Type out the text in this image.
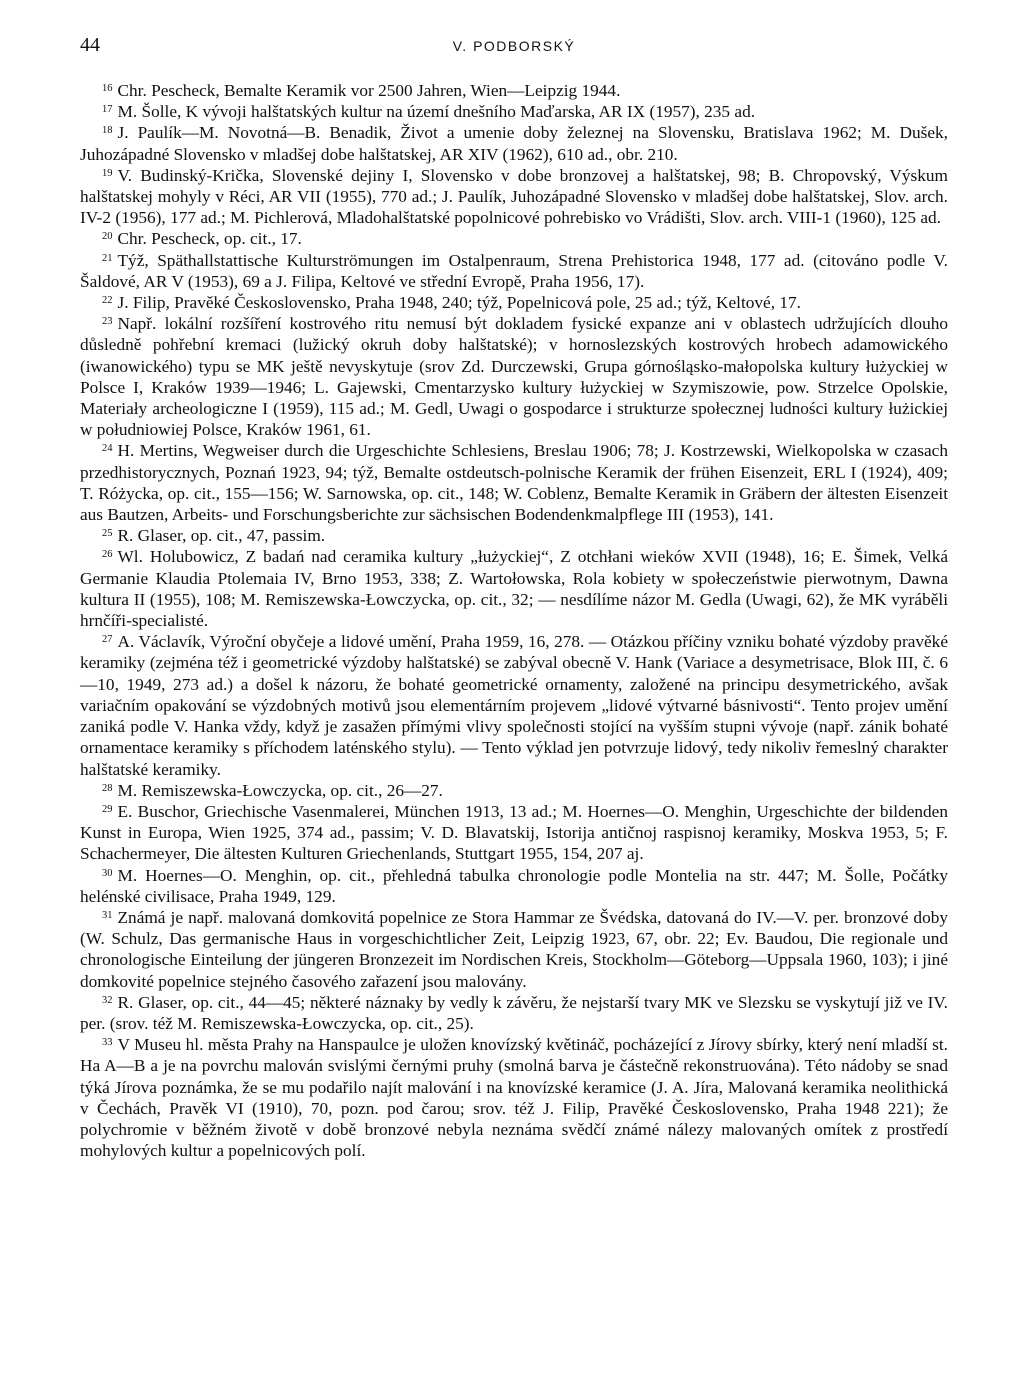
44	V. PODBORSKÝ

$^{16}$ Chr. Pescheck, Bemalte Keramik vor 2500 Jahren, Wien—Leipzig 1944.

$^{17}$ M. Šolle, K vývoji halštatských kultur na území dnešního Maďarska, AR IX (1957), 235 ad.

$^{18}$ J. Paulík—M. Novotná—B. Benadik, Život a umenie doby železnej na Slovensku, Bratislava 1962; M. Dušek, Juhozápadné Slovensko v mladšej dobe halštatskej, AR XIV (1962), 610 ad., obr. 210.

$^{19}$ V. Budinský-Krička, Slovenské dejiny I, Slovensko v dobe bronzovej a halštatskej, 98; B. Chropovský, Výskum halštatskej mohyly v Réci, AR VII (1955), 770 ad.; J. Paulík, Juhozápadné Slovensko v mladšej dobe halštatskej, Slov. arch. IV-2 (1956), 177 ad.; M. Pichlerová, Mladohalštatské popolnicové pohrebisko vo Vrádišti, Slov. arch. VIII-1 (1960), 125 ad.

$^{20}$ Chr. Pescheck, op. cit., 17.

$^{21}$ Týž, Späthallstattische Kulturströmungen im Ostalpenraum, Strena Prehistorica 1948, 177 ad. (citováno podle V. Šaldové, AR V (1953), 69 a J. Filipa, Keltové ve střední Evropě, Praha 1956, 17).

$^{22}$ J. Filip, Pravěké Československo, Praha 1948, 240; týž, Popelnicová pole, 25 ad.; týž, Keltové, 17.

$^{23}$ Např. lokální rozšíření kostrového ritu nemusí být dokladem fysické expanze ani v oblastech udržujících dlouho důsledně pohřební kremaci (lužický okruh doby halštatské); v hornoslezských kostrových hrobech adamowického (iwanowického) typu se MK ještě nevyskytuje (srov Zd. Durczewski, Grupa górnośląsko-małopolska kultury łużyckiej w Polsce I, Kraków 1939—1946; L. Gajewski, Cmentarzysko kultury łużyckiej w Szymiszowie, pow. Strzelce Opolskie, Materiały archeologiczne I (1959), 115 ad.; M. Gedl, Uwagi o gospodarce i strukturze społecznej ludności kultury łużickiej w południowiej Polsce, Kraków 1961, 61.

$^{24}$ H. Mertins, Wegweiser durch die Urgeschichte Schlesiens, Breslau 1906; 78; J. Kostrzewski, Wielkopolska w czasach przedhistorycznych, Poznań 1923, 94; týž, Bemalte ostdeutsch-polnische Keramik der frühen Eisenzeit, ERL I (1924), 409; T. Różycka, op. cit., 155—156; W. Sarnowska, op. cit., 148; W. Coblenz, Bemalte Keramik in Gräbern der ältesten Eisenzeit aus Bautzen, Arbeits- und Forschungsberichte zur sächsischen Bodendenkmalpflege III (1953), 141.

$^{25}$ R. Glaser, op. cit., 47, passim.

$^{26}$ Wl. Holubowicz, Z badań nad ceramika kultury „łużyckiej“, Z otchłani wieków XVII (1948), 16; E. Šimek, Velká Germanie Klaudia Ptolemaia IV, Brno 1953, 338; Z. Wartołowska, Rola kobiety w społeczeństwie pierwotnym, Dawna kultura II (1955), 108; M. Remiszewska-Łowczycka, op. cit., 32; — nesdílíme názor M. Gedla (Uwagi, 62), že MK vyráběli hrnčíři-specialisté.

$^{27}$ A. Václavík, Výroční obyčeje a lidové umění, Praha 1959, 16, 278. — Otázkou příčiny vzniku bohaté výzdoby pravěké keramiky (zejména též i geometrické výzdoby halštatské) se zabýval obecně V. Hank (Variace a desymetrisace, Blok III, č. 6—10, 1949, 273 ad.) a došel k názoru, že bohaté geometrické ornamenty, založené na principu desymetrického, avšak variačním opakování se výzdobných motivů jsou elementárním projevem „lidové výtvarné básnivosti“. Tento projev umění zaniká podle V. Hanka vždy, když je zasažen přímými vlivy společnosti stojící na vyšším stupni vývoje (např. zánik bohaté ornamentace keramiky s příchodem laténského stylu). — Tento výklad jen potvrzuje lidový, tedy nikoliv řemeslný charakter halštatské keramiky.

$^{28}$ M. Remiszewska-Łowczycka, op. cit., 26—27.

$^{29}$ E. Buschor, Griechische Vasenmalerei, München 1913, 13 ad.; M. Hoernes—O. Menghin, Urgeschichte der bildenden Kunst in Europa, Wien 1925, 374 ad., passim; V. D. Blavatskij, Istorija antičnoj raspisnoj keramiky, Moskva 1953, 5; F. Schachermeyer, Die ältesten Kulturen Griechenlands, Stuttgart 1955, 154, 207 aj.

$^{30}$ M. Hoernes—O. Menghin, op. cit., přehledná tabulka chronologie podle Montelia na str. 447; M. Šolle, Počátky helénské civilisace, Praha 1949, 129.

$^{31}$ Známá je např. malovaná domkovitá popelnice ze Stora Hammar ze Švédska, datovaná do IV.—V. per. bronzové doby (W. Schulz, Das germanische Haus in vorgeschichtlicher Zeit, Leipzig 1923, 67, obr. 22; Ev. Baudou, Die regionale und chronologische Einteilung der jüngeren Bronzezeit im Nordischen Kreis, Stockholm—Göteborg—Uppsala 1960, 103); i jiné domkovité popelnice stejného časového zařazení jsou malovány.

$^{32}$ R. Glaser, op. cit., 44—45; některé náznaky by vedly k závěru, že nejstarší tvary MK ve Slezsku se vyskytují již ve IV. per. (srov. též M. Remiszewska-Łowczycka, op. cit., 25).

$^{33}$ V Museu hl. města Prahy na Hanspaulce je uložen knovízský květináč, pocházející z Jírovy sbírky, který není mladší st. Ha A—B a je na povrchu malován svislými černými pruhy (smolná barva je částečně rekonstruována). Této nádoby se snad týká Jírova poznámka, že se mu podařilo najít malování i na knovízské keramice (J. A. Jíra, Malovaná keramika neolithická v Čechách, Pravěk VI (1910), 70, pozn. pod čarou; srov. též J. Filip, Pravěké Československo, Praha 1948 221); že polychromie v běžném životě v době bronzové nebyla neznáma svědčí známé nálezy malovaných omítek z prostředí mohylových kultur a popelnicových polí.
